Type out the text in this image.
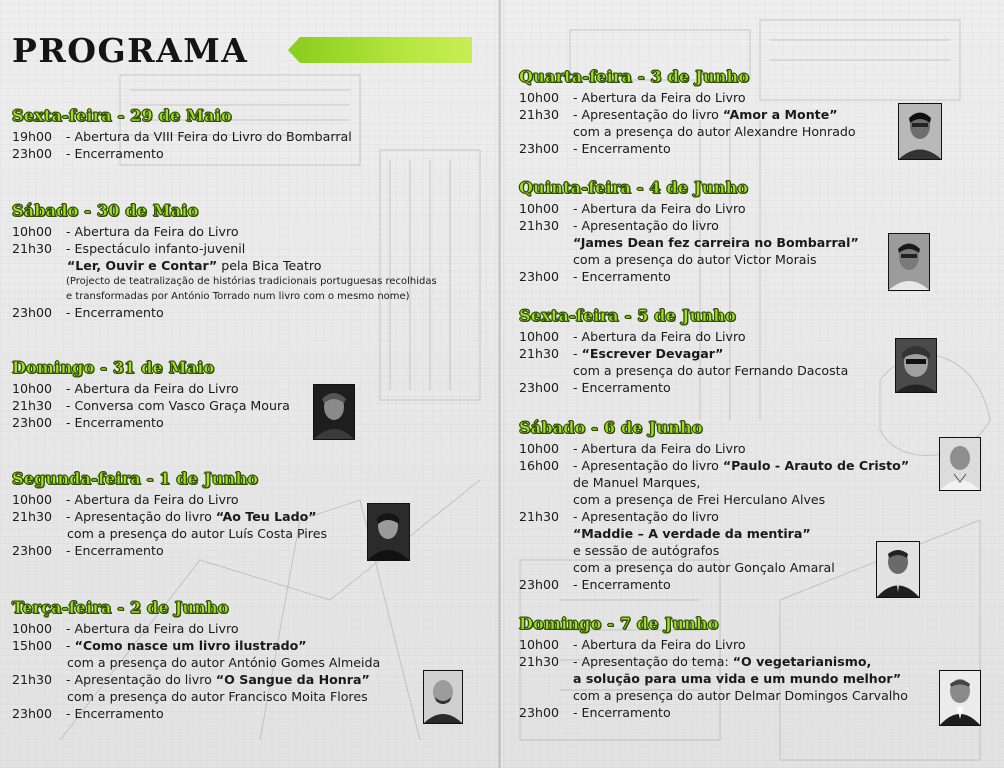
PROGRAMA
Sexta-feira - 29 de Maio
19h00	- Abertura da VIII Feira do Livro do Bombarral
23h00	- Encerramento
Sábado - 30 de Maio
10h00	- Abertura da Feira do Livro
21h30	- Espectáculo infanto-juvenil
“Ler, Ouvir e Contar” pela Bica Teatro
(Projecto de teatralização de histórias tradicionais portuguesas recolhidas
e transformadas por António Torrado num livro com o mesmo nome)
23h00	- Encerramento
Domingo - 31 de Maio
10h00	- Abertura da Feira do Livro
21h30	- Conversa com Vasco Graça Moura
23h00	- Encerramento
Segunda-feira - 1 de Junho
10h00	- Abertura da Feira do Livro
21h30	- Apresentação do livro “Ao Teu Lado”
com a presença do autor Luís Costa Pires
23h00	- Encerramento
Terça-feira - 2 de Junho
10h00	- Abertura da Feira do Livro
15h00	- “Como nasce um livro ilustrado”
com a presença do autor António Gomes Almeida
21h30	- Apresentação do livro “O Sangue da Honra”
com a presença do autor Francisco Moita Flores
23h00	- Encerramento
Quarta-feira - 3 de Junho
10h00	- Abertura da Feira do Livro
21h30	- Apresentação do livro “Amor a Monte”
com a presença do autor Alexandre Honrado
23h00	- Encerramento
Quinta-feira - 4 de Junho
10h00	- Abertura da Feira do Livro
21h30	- Apresentação do livro
“James Dean fez carreira no Bombarral”
com a presença do autor Victor Morais
23h00	- Encerramento
Sexta-feira - 5 de Junho
10h00	- Abertura da Feira do Livro
21h30	- “Escrever Devagar”
com a presença do autor Fernando Dacosta
23h00	- Encerramento
Sábado - 6 de Junho
10h00	- Abertura da Feira do Livro
16h00	- Apresentação do livro “Paulo - Arauto de Cristo”
de Manuel Marques,
com a presença de Frei Herculano Alves
21h30	- Apresentação do livro
“Maddie – A verdade da mentira”
e sessão de autógrafos
com a presença do autor Gonçalo Amaral
23h00	- Encerramento
Domingo - 7 de Junho
10h00	- Abertura da Feira do Livro
21h30	- Apresentação do tema: “O vegetarianismo,
a solução para uma vida e um mundo melhor”
com a presença do autor Delmar Domingos Carvalho
23h00	- Encerramento
